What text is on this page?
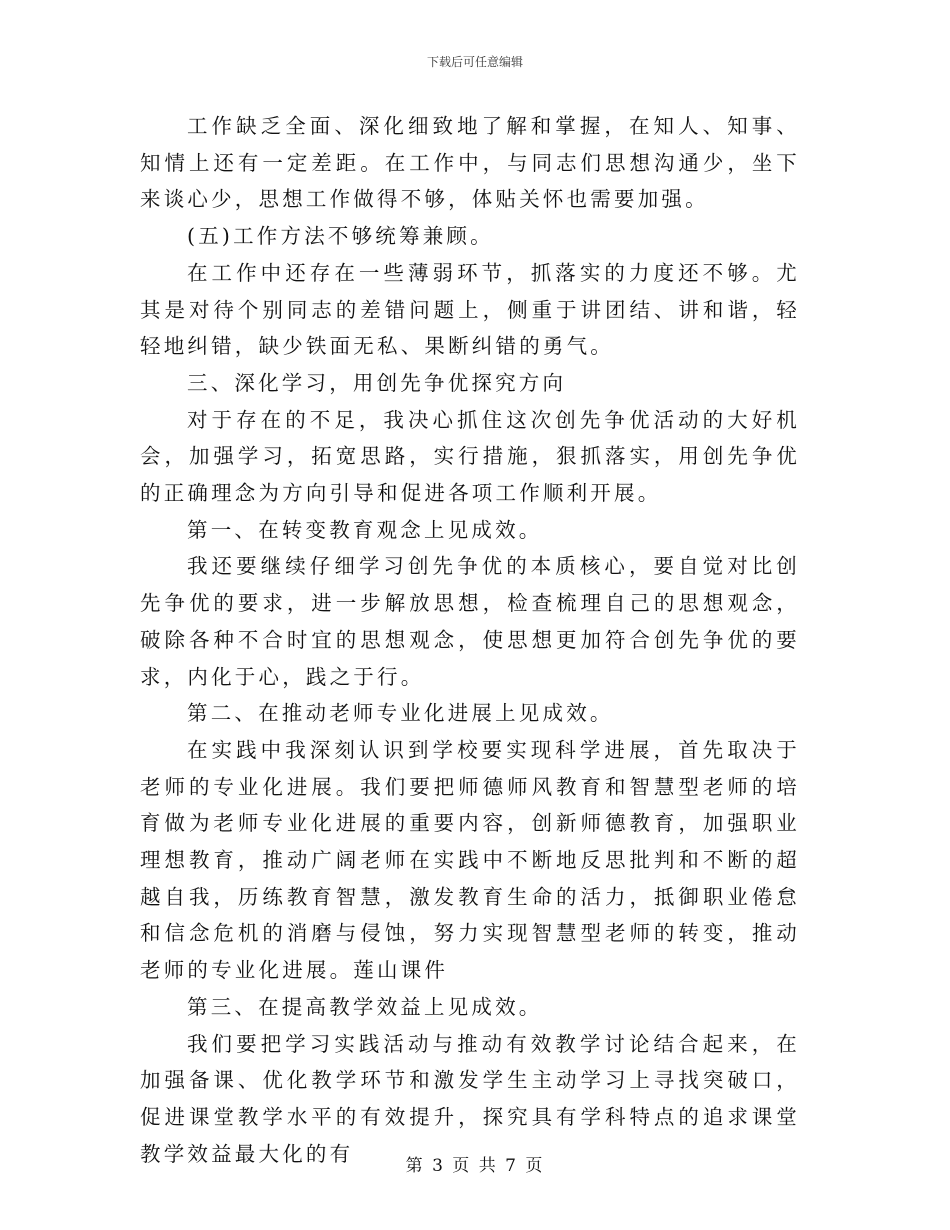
下载后可任意编辑

工作缺乏全面、深化细致地了解和掌握，在知人、知事、知情上还有一定差距。在工作中，与同志们思想沟通少，坐下来谈心少，思想工作做得不够，体贴关怀也需要加强。

(五)工作方法不够统筹兼顾。

在工作中还存在一些薄弱环节，抓落实的力度还不够。尤其是对待个别同志的差错问题上，侧重于讲团结、讲和谐，轻轻地纠错，缺少铁面无私、果断纠错的勇气。

三、深化学习，用创先争优探究方向

对于存在的不足，我决心抓住这次创先争优活动的大好机会，加强学习，拓宽思路，实行措施，狠抓落实，用创先争优的正确理念为方向引导和促进各项工作顺利开展。

第一、在转变教育观念上见成效。

我还要继续仔细学习创先争优的本质核心，要自觉对比创先争优的要求，进一步解放思想，检查梳理自己的思想观念，破除各种不合时宜的思想观念，使思想更加符合创先争优的要求，内化于心，践之于行。

第二、在推动老师专业化进展上见成效。

在实践中我深刻认识到学校要实现科学进展，首先取决于老师的专业化进展。我们要把师德师风教育和智慧型老师的培育做为老师专业化进展的重要内容，创新师德教育，加强职业理想教育，推动广阔老师在实践中不断地反思批判和不断的超越自我，历练教育智慧，激发教育生命的活力，抵御职业倦怠和信念危机的消磨与侵蚀，努力实现智慧型老师的转变，推动老师的专业化进展。莲山课件

第三、在提高教学效益上见成效。

我们要把学习实践活动与推动有效教学讨论结合起来，在加强备课、优化教学环节和激发学生主动学习上寻找突破口，促进课堂教学水平的有效提升，探究具有学科特点的追求课堂教学效益最大化的有

第 3 页 共 7 页
